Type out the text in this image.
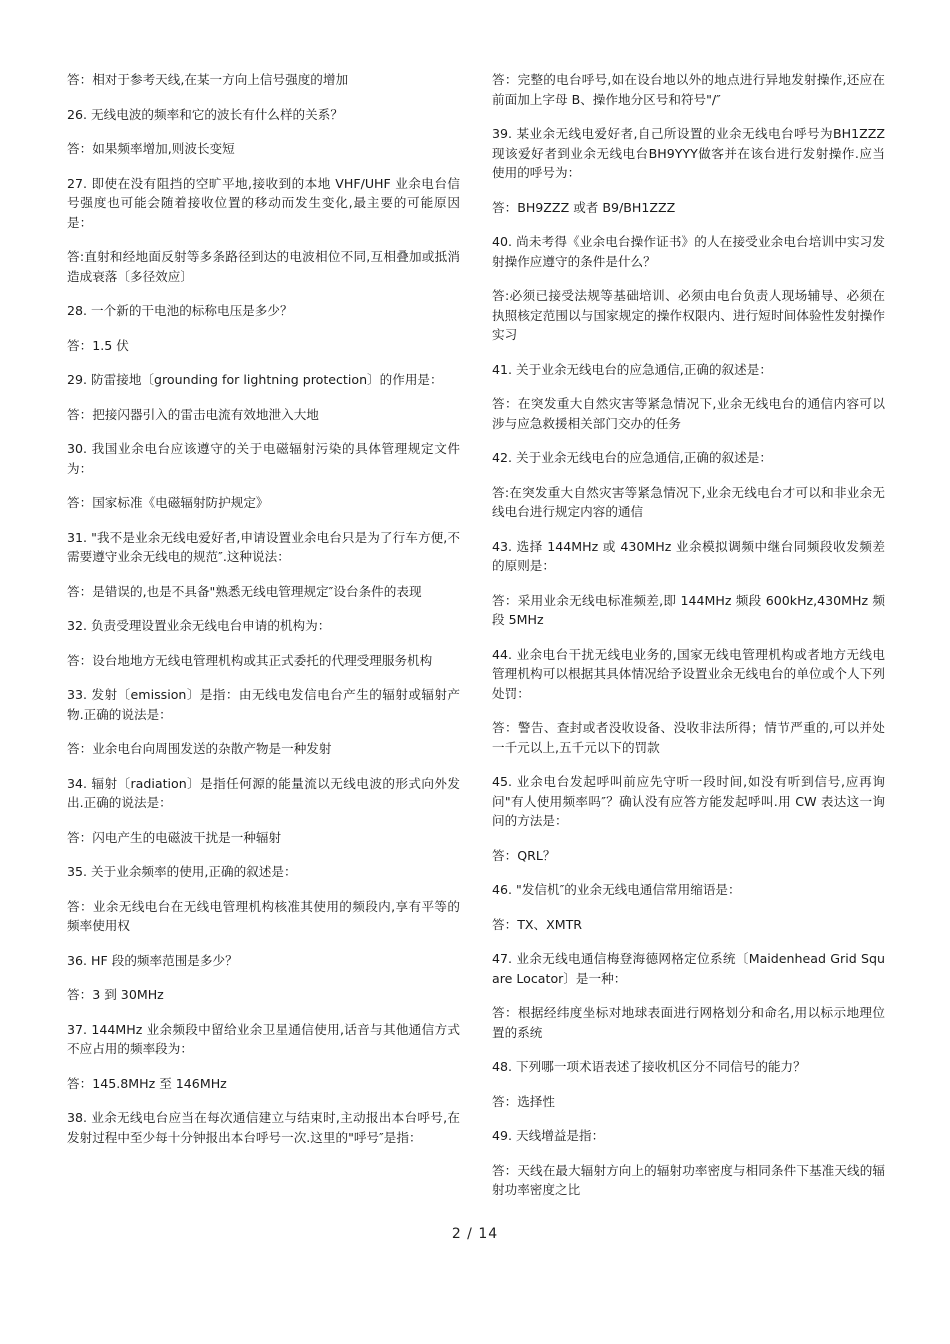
答：相对于参考天线,在某一方向上信号强度的增加

26. 无线电波的频率和它的波长有什么样的关系？

答：如果频率增加,则波长变短

27. 即使在没有阻挡的空旷平地,接收到的本地 VHF/UHF 业余电台信号强度也可能会随着接收位置的移动而发生变化,最主要的可能原因是：

答:直射和经地面反射等多条路径到达的电波相位不同,互相叠加或抵消造成衰落〔多径效应〕

28. 一个新的干电池的标称电压是多少？

答：1.5 伏

29. 防雷接地〔grounding for lightning protection〕的作用是：

答：把接闪器引入的雷击电流有效地泄入大地

30. 我国业余电台应该遵守的关于电磁辐射污染的具体管理规定文件为：

答：国家标准《电磁辐射防护规定》

31. "我不是业余无线电爱好者,申请设置业余电台只是为了行车方便,不需要遵守业余无线电的规范″.这种说法：

答：是错误的,也是不具备"熟悉无线电管理规定″设台条件的表现

32. 负责受理设置业余无线电台申请的机构为：

答：设台地地方无线电管理机构或其正式委托的代理受理服务机构

33. 发射〔emission〕是指：由无线电发信电台产生的辐射或辐射产物.正确的说法是：

答：业余电台向周围发送的杂散产物是一种发射

34. 辐射〔radiation〕是指任何源的能量流以无线电波的形式向外发出.正确的说法是：

答：闪电产生的电磁波干扰是一种辐射

35. 关于业余频率的使用,正确的叙述是：

答：业余无线电台在无线电管理机构核准其使用的频段内,享有平等的频率使用权

36. HF 段的频率范围是多少？

答：3 到 30MHz

37. 144MHz 业余频段中留给业余卫星通信使用,话音与其他通信方式不应占用的频率段为：

答：145.8MHz 至 146MHz

38. 业余无线电台应当在每次通信建立与结束时,主动报出本台呼号,在发射过程中至少每十分钟报出本台呼号一次.这里的"呼号″是指：

答：完整的电台呼号,如在设台地以外的地点进行异地发射操作,还应在前面加上字母 B、操作地分区号和符号"/″

39. 某业余无线电爱好者,自己所设置的业余无线电台呼号为BH1ZZZ现该爱好者到业余无线电台BH9YYY做客并在该台进行发射操作.应当使用的呼号为：

答：BH9ZZZ 或者 B9/BH1ZZZ

40. 尚未考得《业余电台操作证书》的人在接受业余电台培训中实习发射操作应遵守的条件是什么？

答:必须已接受法规等基础培训、必须由电台负责人现场辅导、必须在执照核定范围以与国家规定的操作权限内、进行短时间体验性发射操作实习

41. 关于业余无线电台的应急通信,正确的叙述是：

答：在突发重大自然灾害等紧急情况下,业余无线电台的通信内容可以涉与应急救援相关部门交办的任务

42. 关于业余无线电台的应急通信,正确的叙述是：

答:在突发重大自然灾害等紧急情况下,业余无线电台才可以和非业余无线电台进行规定内容的通信

43. 选择 144MHz 或 430MHz 业余模拟调频中继台同频段收发频差的原则是：

答：采用业余无线电标准频差,即 144MHz 频段 600kHz,430MHz 频段 5MHz

44. 业余电台干扰无线电业务的,国家无线电管理机构或者地方无线电管理机构可以根据其具体情况给予设置业余无线电台的单位或个人下列处罚：

答：警告、查封或者没收设备、没收非法所得；情节严重的,可以并处一千元以上,五千元以下的罚款

45. 业余电台发起呼叫前应先守听一段时间,如没有听到信号,应再询问"有人使用频率吗″？确认没有应答方能发起呼叫.用 CW 表达这一询问的方法是：

答：QRL？

46. "发信机″的业余无线电通信常用缩语是：

答：TX、XMTR

47. 业余无线电通信梅登海德网格定位系统〔Maidenhead Grid Square Locator〕是一种：

答：根据经纬度坐标对地球表面进行网格划分和命名,用以标示地理位置的系统

48. 下列哪一项术语表述了接收机区分不同信号的能力？

答：选择性

49. 天线增益是指：

答：天线在最大辐射方向上的辐射功率密度与相同条件下基准天线的辐射功率密度之比

2 / 14
